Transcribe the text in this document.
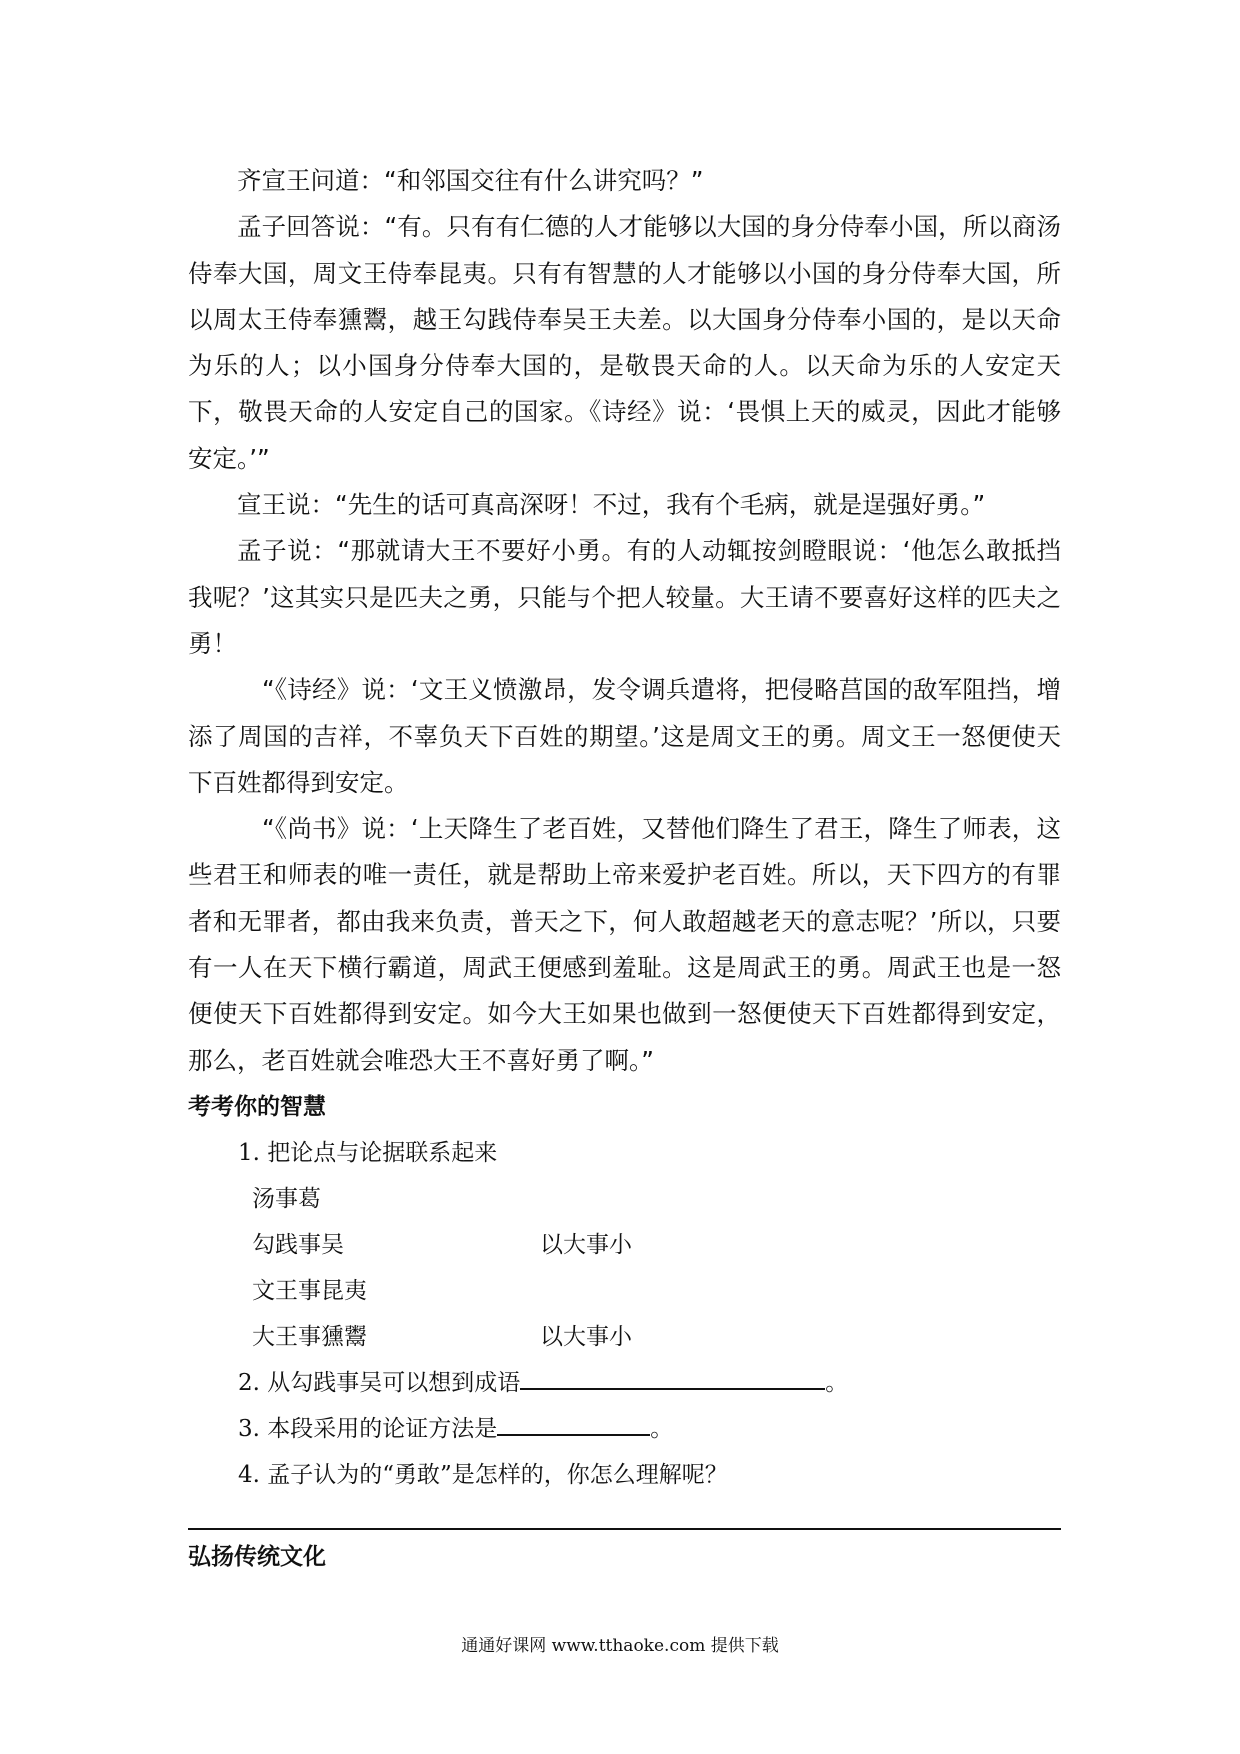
齐宣王问道：“和邻国交往有什么讲究吗？”

孟子回答说：“有。只有有仁德的人才能够以大国的身分侍奉小国，所以商汤侍奉大国，周文王侍奉昆夷。只有有智慧的人才能够以小国的身分侍奉大国，所以周太王侍奉獯鬻，越王勾践侍奉吴王夫差。以大国身分侍奉小国的，是以天命为乐的人；以小国身分侍奉大国的，是敬畏天命的人。以天命为乐的人安定天下，敬畏天命的人安定自己的国家。《诗经》说：‘畏惧上天的威灵，因此才能够安定。’”

宣王说：“先生的话可真高深呀！不过，我有个毛病，就是逞强好勇。”

孟子说：“那就请大王不要好小勇。有的人动辄按剑瞪眼说：‘他怎么敢抵挡我呢？’这其实只是匹夫之勇，只能与个把人较量。大王请不要喜好这样的匹夫之勇！

“《诗经》说：‘文王义愤激昂，发令调兵遣将，把侵略莒国的敌军阻挡，增添了周国的吉祥，不辜负天下百姓的期望。’这是周文王的勇。周文王一怒便使天下百姓都得到安定。

“《尚书》说：‘上天降生了老百姓，又替他们降生了君王，降生了师表，这些君王和师表的唯一责任，就是帮助上帝来爱护老百姓。所以，天下四方的有罪者和无罪者，都由我来负责，普天之下，何人敢超越老天的意志呢？’所以，只要有一人在天下横行霸道，周武王便感到羞耻。这是周武王的勇。周武王也是一怒便使天下百姓都得到安定。如今大王如果也做到一怒便使天下百姓都得到安定，那么，老百姓就会唯恐大王不喜好勇了啊。”

考考你的智慧

1. 把论点与论据联系起来

汤事葛

勾践事吴	以大事小

文王事昆夷

大王事獯鬻	以大事小

2. 从勾践事吴可以想到成语	。

3. 本段采用的论证方法是	。

4. 孟子认为的“勇敢”是怎样的，你怎么理解呢？

弘扬传统文化

通通好课网 www.tthaoke.com 提供下载
